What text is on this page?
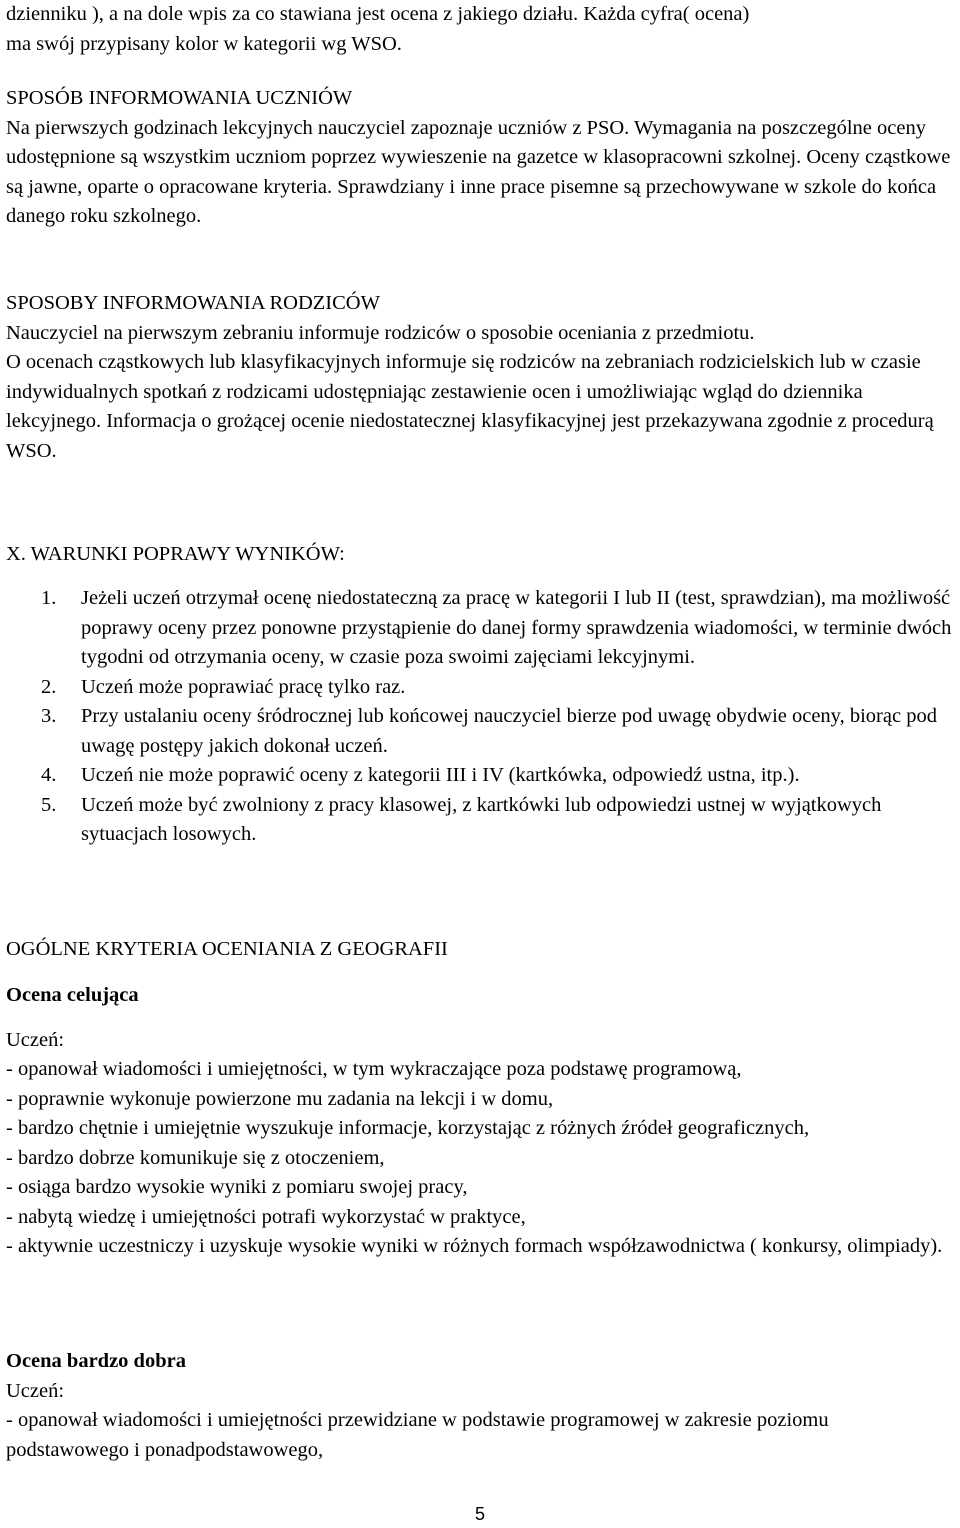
dzienniku ), a na dole wpis za co stawiana jest ocena z jakiego działu. Każda cyfra( ocena)

ma swój przypisany kolor w kategorii wg WSO.

SPOSÓB INFORMOWANIA UCZNIÓW

Na pierwszych godzinach lekcyjnych nauczyciel zapoznaje uczniów z PSO. Wymagania na poszczególne oceny udostępnione są wszystkim uczniom poprzez wywieszenie na gazetce w klasopracowni szkolnej. Oceny cząstkowe są jawne, oparte o opracowane kryteria. Sprawdziany i inne prace pisemne są przechowywane w szkole do końca danego roku szkolnego.

SPOSOBY INFORMOWANIA RODZICÓW

Nauczyciel na pierwszym zebraniu informuje rodziców o sposobie oceniania z przedmiotu.

O ocenach cząstkowych lub klasyfikacyjnych informuje się rodziców na zebraniach rodzicielskich lub w czasie indywidualnych spotkań z rodzicami udostępniając zestawienie ocen i umożliwiając wgląd do dziennika lekcyjnego. Informacja o grożącej ocenie niedostatecznej klasyfikacyjnej jest przekazywana zgodnie z procedurą WSO.

X. WARUNKI POPRAWY WYNIKÓW:
1. Jeżeli uczeń otrzymał ocenę niedostateczną za pracę w kategorii I lub II (test, sprawdzian), ma możliwość poprawy oceny przez ponowne przystąpienie do danej formy sprawdzenia wiadomości, w terminie dwóch tygodni od otrzymania oceny, w czasie poza swoimi zajęciami lekcyjnymi.
2. Uczeń może poprawiać pracę tylko raz.
3. Przy ustalaniu oceny śródrocznej lub końcowej nauczyciel bierze pod uwagę obydwie oceny, biorąc pod uwagę postępy jakich dokonał uczeń.
4. Uczeń nie może poprawić oceny z kategorii III i IV (kartkówka, odpowiedź ustna, itp.).
5. Uczeń może być zwolniony z pracy klasowej, z kartkówki lub odpowiedzi ustnej w wyjątkowych sytuacjach losowych.
OGÓLNE KRYTERIA OCENIANIA Z GEOGRAFII

Ocena celująca

Uczeń:

- opanował wiadomości i umiejętności, w tym wykraczające poza podstawę programową,

- poprawnie wykonuje powierzone mu zadania na lekcji i w domu,

- bardzo chętnie i umiejętnie wyszukuje informacje, korzystając z różnych źródeł geograficznych,

- bardzo dobrze komunikuje się z otoczeniem,

- osiąga bardzo wysokie wyniki z pomiaru swojej pracy,

- nabytą wiedzę i umiejętności potrafi wykorzystać w praktyce,

- aktywnie uczestniczy i uzyskuje wysokie wyniki w różnych formach współzawodnictwa ( konkursy, olimpiady).

Ocena bardzo dobra

Uczeń:

- opanował wiadomości i umiejętności przewidziane w podstawie programowej w zakresie poziomu podstawowego i ponadpodstawowego,

5
